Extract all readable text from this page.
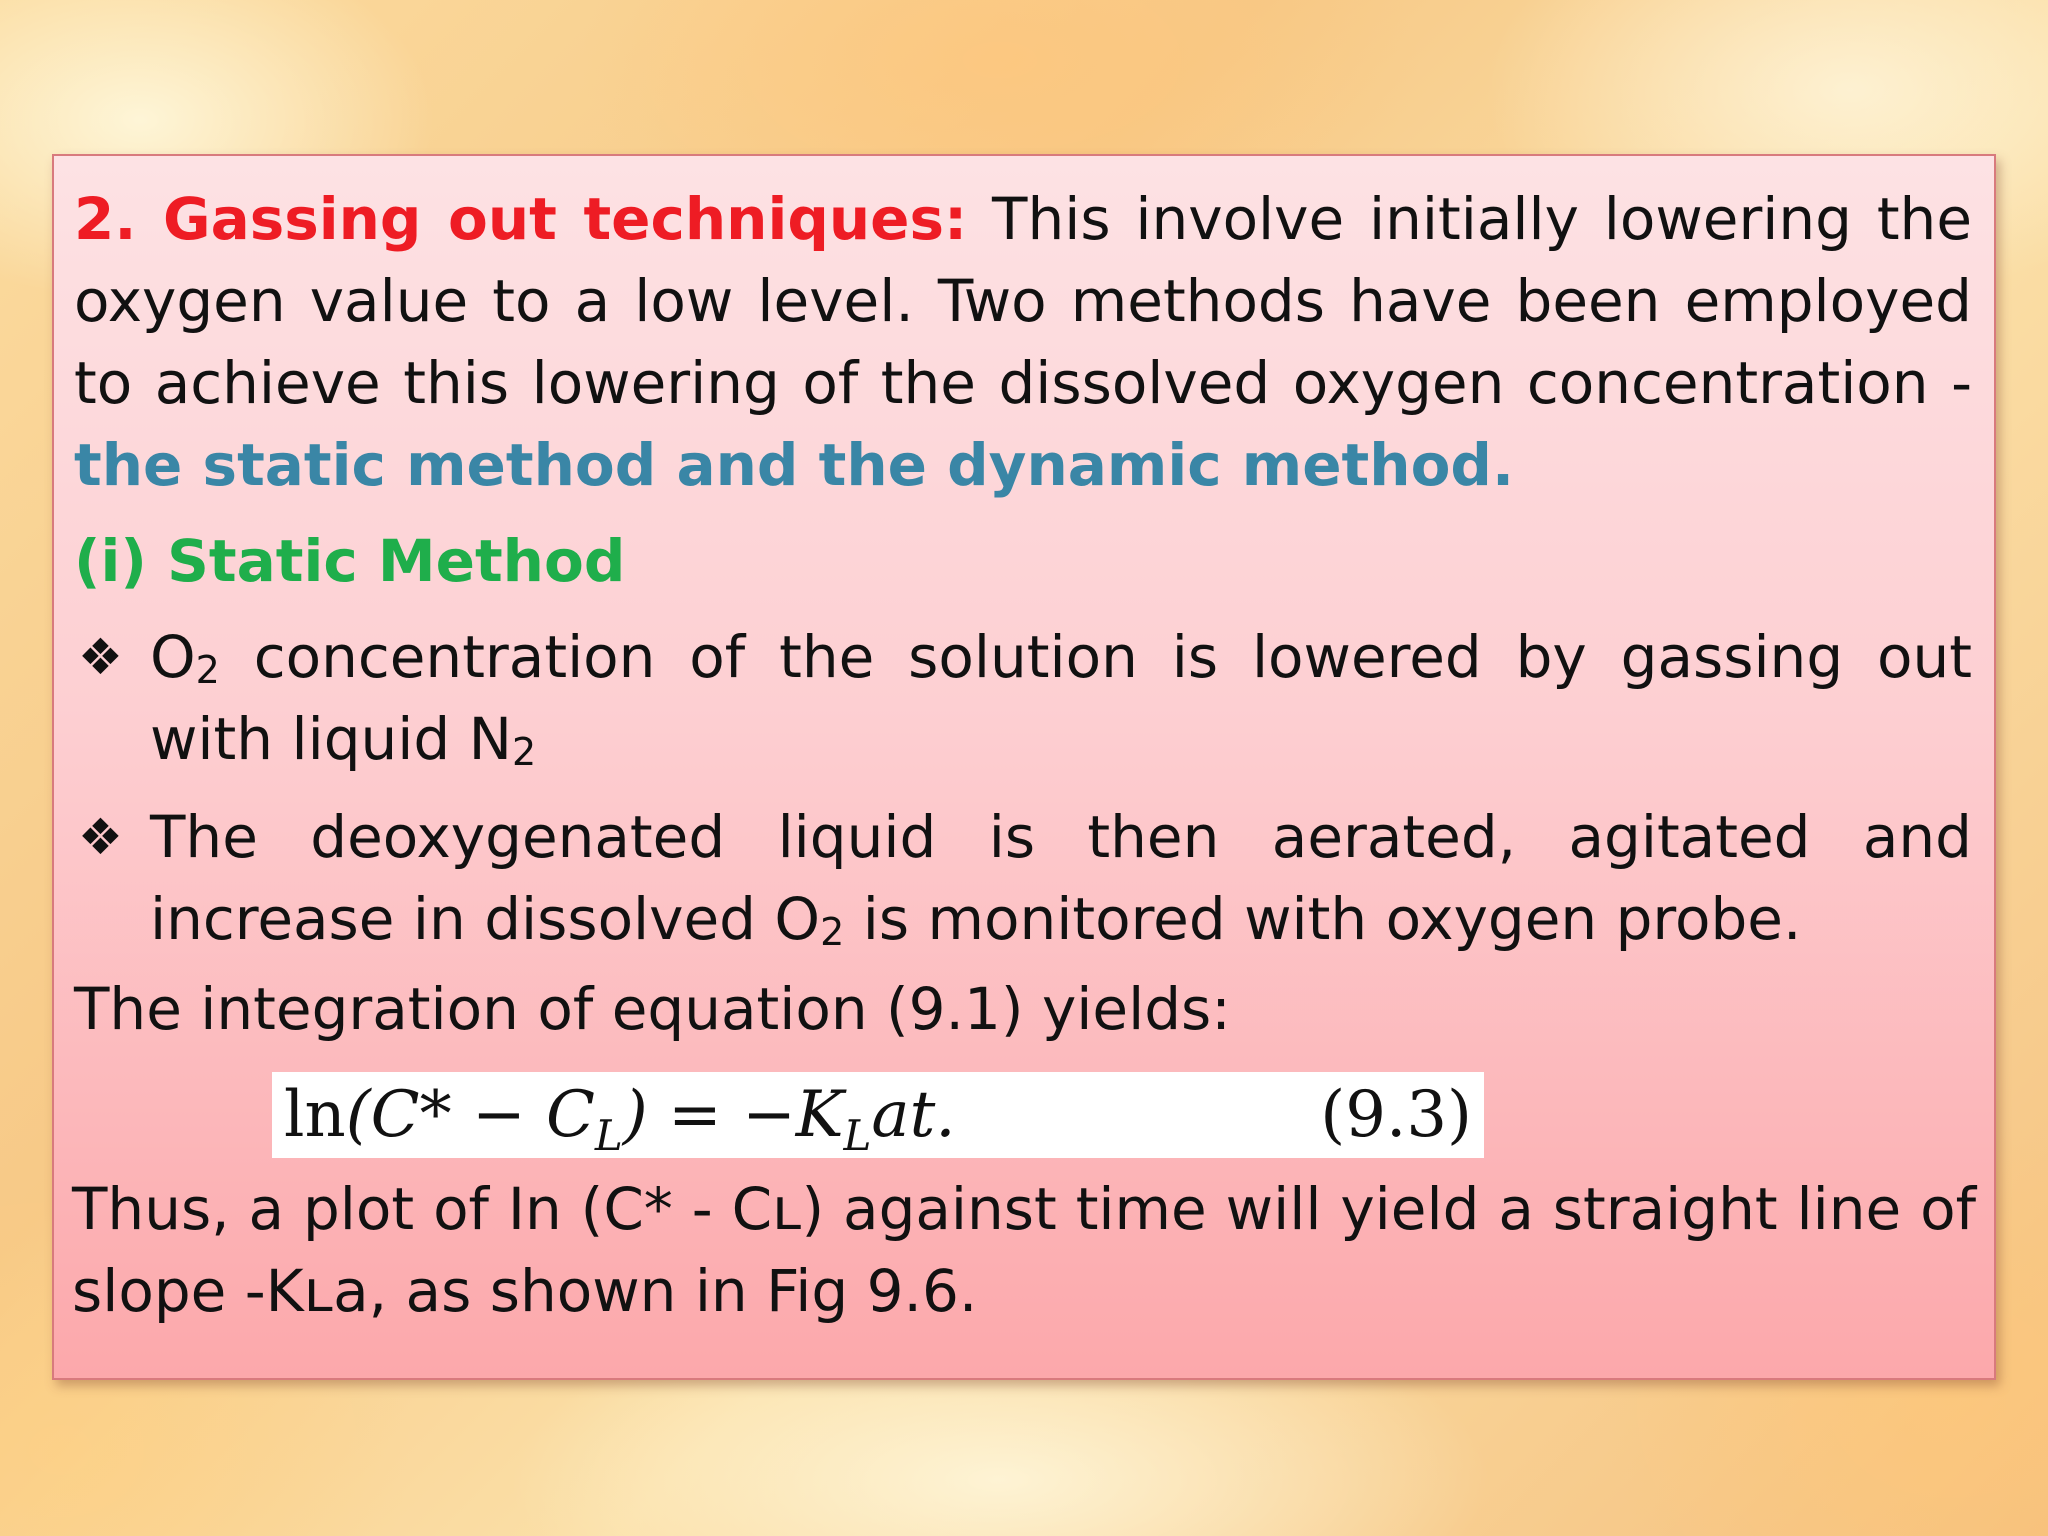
2. Gassing out techniques: This involve initially lowering the oxygen value to a low level. Two methods have been employed to achieve this lowering of the dissolved oxygen concentration - the static method and the dynamic method.

(i) Static Method

❖ $O_2$ concentration of the solution is lowered by gassing out with liquid $N_2$
❖ The deoxygenated liquid is then aerated, agitated and increase in dissolved $O_2$ is monitored with oxygen probe.

The integration of equation (9.1) yields:

$\ln(C* - C_L) = -K_Lat$.	(9.3)

Thus, a plot of In (C* - Cʟ) against time will yield a straight line of slope -Kʟa, as shown in Fig 9.6.
